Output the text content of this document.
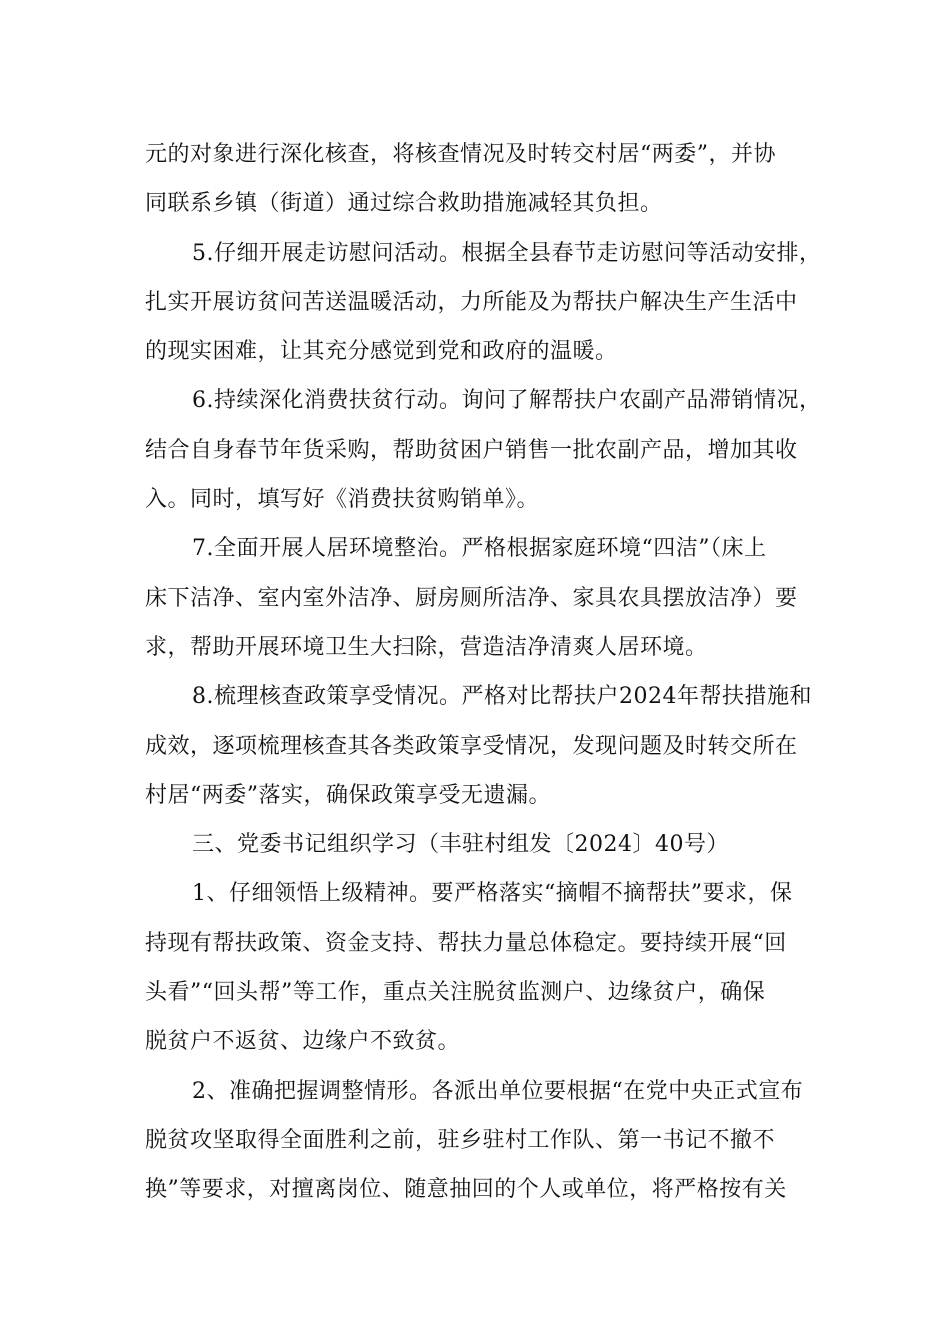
元的对象进行深化核查，将核查情况及时转交村居“两委”，并协
同联系乡镇（街道）通过综合救助措施减轻其负担。
5.仔细开展走访慰问活动。根据全县春节走访慰问等活动安排，
扎实开展访贫问苦送温暖活动，力所能及为帮扶户解决生产生活中
的现实困难，让其充分感觉到党和政府的温暖。
6.持续深化消费扶贫行动。询问了解帮扶户农副产品滞销情况，
结合自身春节年货采购，帮助贫困户销售一批农副产品，增加其收
入。同时，填写好《消费扶贫购销单》。
7.全面开展人居环境整治。严格根据家庭环境“四洁”（床上
床下洁净、室内室外洁净、厨房厕所洁净、家具农具摆放洁净）要
求，帮助开展环境卫生大扫除，营造洁净清爽人居环境。
8.梳理核查政策享受情况。严格对比帮扶户2024年帮扶措施和
成效，逐项梳理核查其各类政策享受情况，发现问题及时转交所在
村居“两委”落实，确保政策享受无遗漏。
三、党委书记组织学习（丰驻村组发〔2024〕40号）
1、仔细领悟上级精神。要严格落实“摘帽不摘帮扶”要求，保
持现有帮扶政策、资金支持、帮扶力量总体稳定。要持续开展“回
头看”“回头帮”等工作，重点关注脱贫监测户、边缘贫户，确保
脱贫户不返贫、边缘户不致贫。
2、准确把握调整情形。各派出单位要根据“在党中央正式宣布
脱贫攻坚取得全面胜利之前，驻乡驻村工作队、第一书记不撤不
换”等要求，对擅离岗位、随意抽回的个人或单位，将严格按有关
